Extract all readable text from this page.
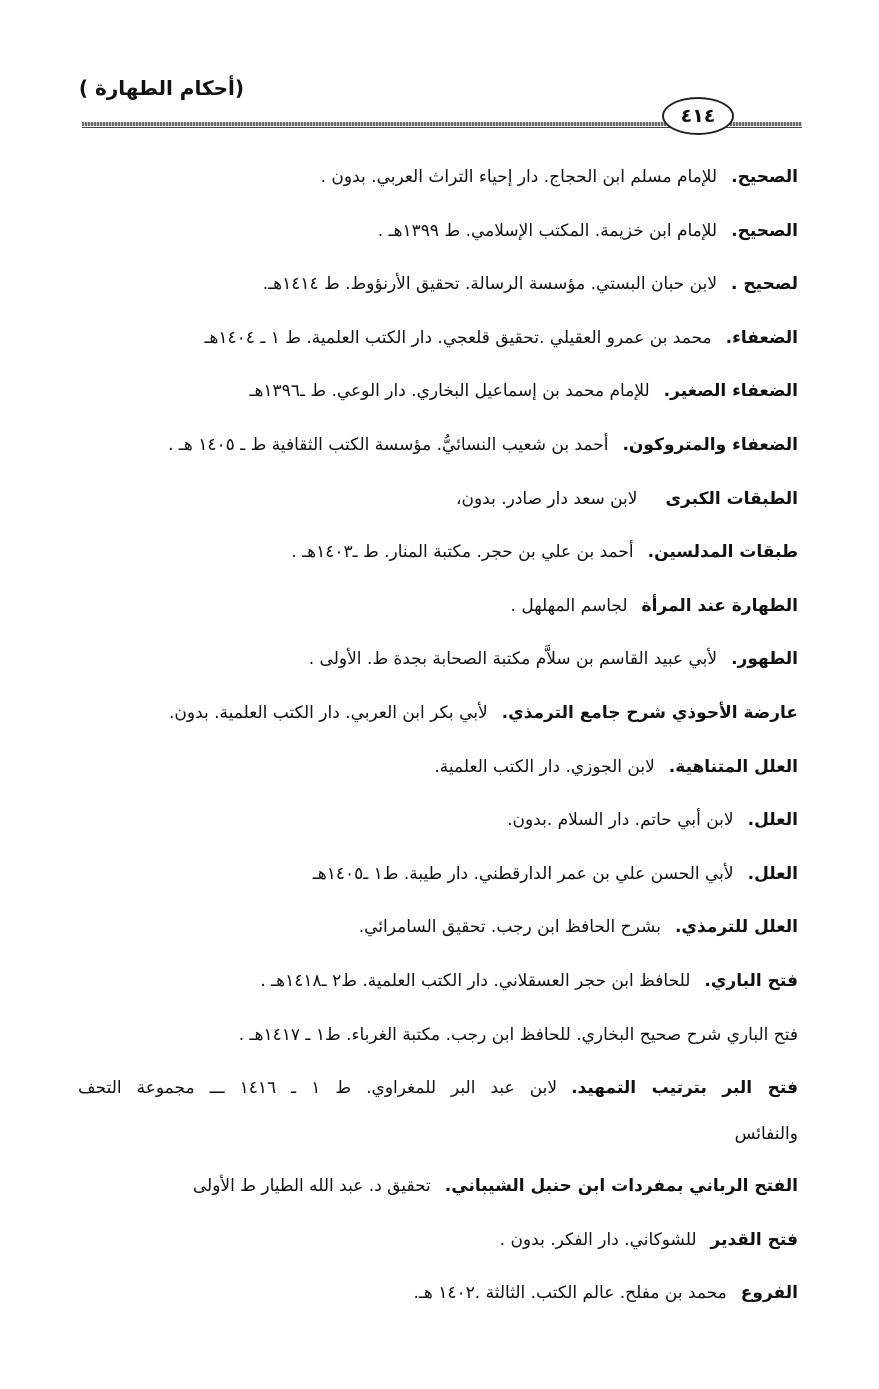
(أحكام الطهارة )
٤١٤
الصحيح.للإمام مسلم ابن الحجاج. دار إحياء التراث العربي. بدون .
الصحيح.للإمام ابن خزيمة. المكتب الإسلامي. ط ١٣٩٩هـ .
لصحيح .لابن حبان البستي. مؤسسة الرسالة. تحقيق الأرنؤوط. ط ١٤١٤هـ.
الضعفاء.محمد بن عمرو العقيلي .تحقيق قلعجي. دار الكتب العلمية. ط ١ ـ ١٤٠٤هـ
الضعفاء الصغير.للإمام محمد بن إسماعيل البخاري. دار الوعي. ط ـ١٣٩٦هـ
الضعفاء والمتروكون.أحمد بن شعيب النسائيُّ. مؤسسة الكتب الثقافية ط ـ ١٤٠٥ هـ .
الطبقات الكبرىلابن سعد دار صادر. بدون،
طبقات المدلسين.أحمد بن علي بن حجر. مكتبة المنار. ط ـ١٤٠٣هـ .
الطهارة عند المرأةلجاسم المهلهل .
الطهور.لأبي عبيد القاسم بن سلاَّم مكتبة الصحابة بجدة ط. الأولى .
عارضة الأحوذي شرح جامع الترمذي.لأبي بكر ابن العربي. دار الكتب العلمية. بدون.
العلل المتناهية.لابن الجوزي. دار الكتب العلمية.
العلل.لابن أبي حاتم. دار السلام .بدون.
العلل.لأبي الحسن علي بن عمر الدارقطني. دار طيبة. ط١ ـ١٤٠٥هـ
العلل للترمذي.بشرح الحافظ ابن رجب. تحقيق السامرائي.
فتح الباري.للحافظ ابن حجر العسقلاني. دار الكتب العلمية. ط٢ ـ١٤١٨هـ .
فتح الباري شرح صحيح البخاري. للحافظ ابن رجب. مكتبة الغرباء. ط١ ـ ١٤١٧هـ .
فتح البر بترتيب التمهيد.لابن عبد البر للمغراوي. ط ١ ـ ١٤١٦ ـــ مجموعة التحف
والنفائس
الفتح الرباني بمفردات ابن حنبل الشيباني.تحقيق د. عبد الله الطيار ط الأولى
فتح القديرللشوكاني. دار الفكر. بدون .
الفروعمحمد بن مفلح. عالم الكتب. الثالثة .١٤٠٢ هـ.
